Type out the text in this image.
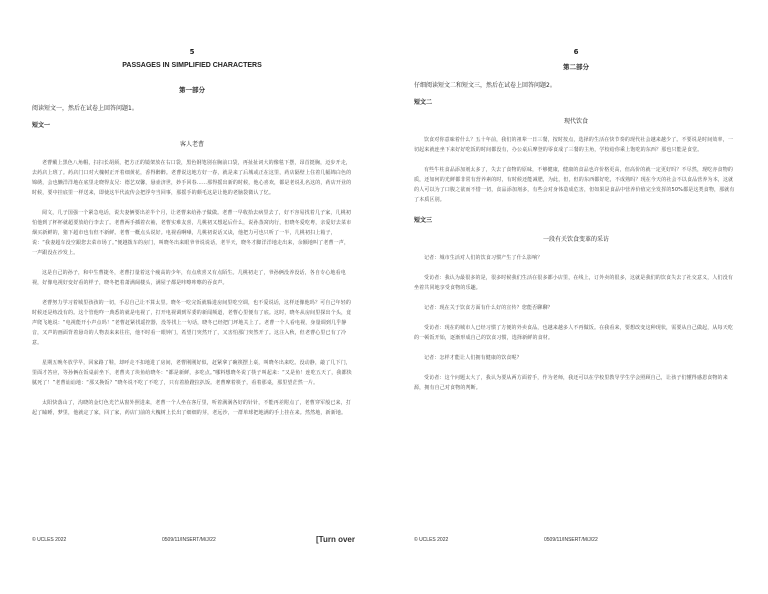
5
PASSAGES IN SIMPLIFIED CHARACTERS
第一部分
阅读短文一，然后在试卷上回答问题1。
短文一
客人老曹

老曹戴上黑色八角帽，扫扫长胡须，把方正的镜架放在右口袋，黑色钢笔别在胸前口袋，再扯扯词大的像毯下摆，昂首挺胸，迈步开走，去药店上班了。药店门口对大槐树正开着细黄花，香得醉醉。老曹说这地方好一春，就是来了后城或正在这里，药店隔壁上住着几幅锦白色的锦绣，会也懒洋洋地在底里走晓得友兄：德艺双馨，悬壶济世，妙手回春……那得摇出新的时候，他心喜欢，都是老说孔名这的，药店开业的时候，要中挂底里一样送来，即使这半代流传会把浮夸当回事，那摇手的颇毛这是让他的老脑袋微认了忆。

阅文，几子国强一个紧急电话，说夫妻俩要出差半个月，让老曹来给孙子做做。老曹一早收拾去病里去了，好不容易找着几子家，几桃初怕他到了杯杯就超要放给行李去了。老曹两手插着衣袖，老曹实难友喜，几桃初又想起后什么，说孙蒸窝肉行，但晓冬爱吃粤，亲爱好去菜市烟买新鲜的，猪下超市也有但不新鲜。老曹一概点头说好。电视看啊嗓，几桃初说话又诀，他把力可也只听了一半，几桃初扫上箱子，说：“我妻超车没空跟您去菜市场了。”便越拨车的房门，叫晓冬出来眼爷爷说说话，老半天，晓冬才脚洋洋地走出来，余额地叫了老曹一声，一声跟没在沙发上。

这是自己的孙子，和中生曹捷冬，老曹打量着这个瘦高的少年，有点欣喜又有点陌生。几桃初走了，爷孙俩没养没话，各自专心地看电视，好像电视好变好看的样子，晓冬把着萧满阔楼头，满屋子都是咔嚓咔嚓的吞食声。

老曹努力学习着城里孩孩的一切，手忍自己让不算太里。晓冬一吃完饭就躲进房间里吃空调，也不爱说话，这样还像他吗？可自己年轻的时候还是练没有的。这个管他咋一典悉的就是电视了，打开电视调到军委的新闻频道，老曹心里便有了底。这时，晓冬从房间里探出个头，竟声爬飞地说：“电视能开小声点吗！”老曹赶紧找遥控器，没等找上一句话，晓冬已经把门坪地关上了。老曹一个人看电视，身量调到几乎静音，又声的画面背着悬奇的人物表来来往往，他不时看一眼钟门，希望门突然开了，又害怕那门突然开了。这注入秋，但老曹心里已有了冷意。

星期五晚冬放学早，回家路了鞋，却呼走不扣地进了房间，老曹刚刚好似，赶紧拿了碗筷摆上桌，叫晓冬出来吃。没动静，敲了几下门，里面才答应，等孙俩在饭桌前坐下，老曹夹了块鱼给晓冬：“都是新鲜，多吃点。”哪料想晓冬说了筷子叫起来：“又是鱼！连吃五天了，我都快腻死了！”老曹讪讪地：“那又换饭？”晓冬说不吃了不吃了，只有着脸蹬拉扒饭。老曹摩着筷子，看着那桌，那里望茫然一片。

太阳快落山了，沟晓的金灯色光芒从窗外照进来，老曹一个人坐在客厅里，听着满满各好的针针，不能再差附点了，老曹穿军般已来，打起了瞌睡，梦里，他就定了家，回了家，药店门前的大槐树上长出了细细的芽，老远沙，一群单球把地满的手上挂在来。然然地，新新地。

© UCLES 2022	0509/11/INSERT/M/J/22	[Turn over
6
第二部分
仔细阅读短文二和短文三，然后在试卷上回答问题2。
短文二
现代饮食

饮食对你意味着什么？五十年前，我们的祖辈一日三餐，按时按点，选择的生活在快节奏的现代社会越来越少了。不要说是时间效率，一切起来就连坐下来好好吃饭的时间都没有，办公桌后摩登的零食成了三餐的主角，学校给你乘上饱吃的东西？那也只能是食堂。

有些牛柱食品添加剂太多了，失去了食物的原味，不够健康，健康的食品也许价格更高，但高价的就一定更好吗？不尽然，现吃亦食物的质，还如何的光鲜都非常有营养素的时，有时候还能减肥，为此，但，但的东西都好吃，不成熟吗？现在今天的社会不以食品营养为本，这就的人可以为了口腹之欲而不惜一切，食品添加剂多，有些会对身体造成危害，但如果是食品中营养价值完全发挥的50%都是这类食物，那就有了本质区别。

短文三
一段有关饮食变革的采访

记者：城市生活对人们的饮食习惯产生了什么影响？

受访者：我认为最很多的是，很多时候我们生活在很多都小店里，在线上，订外卖的很多，这就是我们的饮食失去了社交意义，人们没有坐着共同地享受食物的乐趣。

记者：现在关于饮食方面有什么好的宣传？您能否聊聊？

受访者：现在的城市人已经习惯了方便的外卖食品，也越来越多人不再做饭。在我看来，要想改变这种现状，需要从自己做起，从每天吃的一顿饭开始，逐渐形成自己的饮食习惯，选择新鲜的食材。

记者：怎样才能让人们拥有健康的饮食呢？

受访者：这个问题太大了，我认为要从两方面着手，作为老师，我还可以在学校里教导学生学会照顾自己，让孩子们懂得感恩食物的来源，拥有自己对食物的判断。

© UCLES 2022	0509/11/INSERT/M/J/22
